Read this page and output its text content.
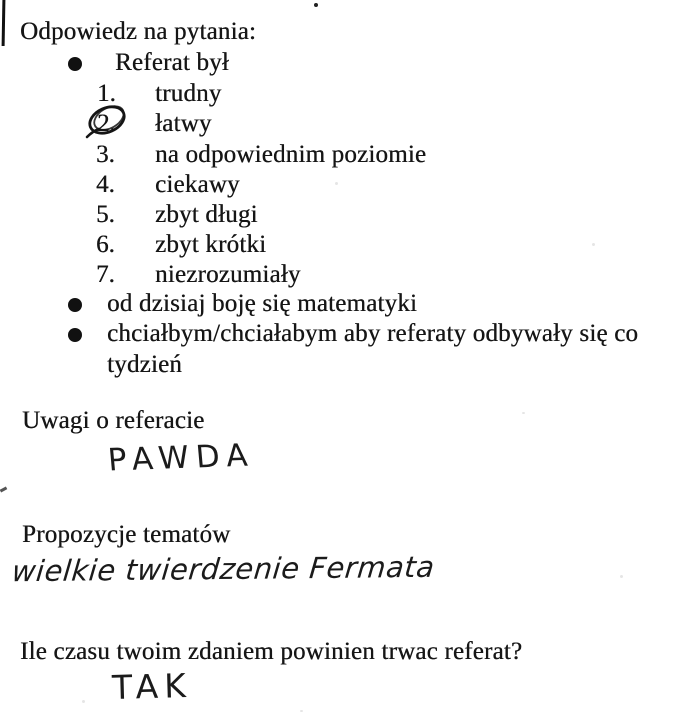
Odpowiedz na pytania:
Referat był
1. trudny
2. łatwy
3. na odpowiednim poziomie
4. ciekawy
5. zbyt długi
6. zbyt krótki
7. niezrozumiały
od dzisiaj boję się matematyki
chciałbym/chciałabym aby referaty odbywały się co
tydzień
Uwagi o referacie
PAWDA
Propozycje tematów
wielkie twierdzenie Fermata
Ile czasu twoim zdaniem powinien trwac referat?
TAK
